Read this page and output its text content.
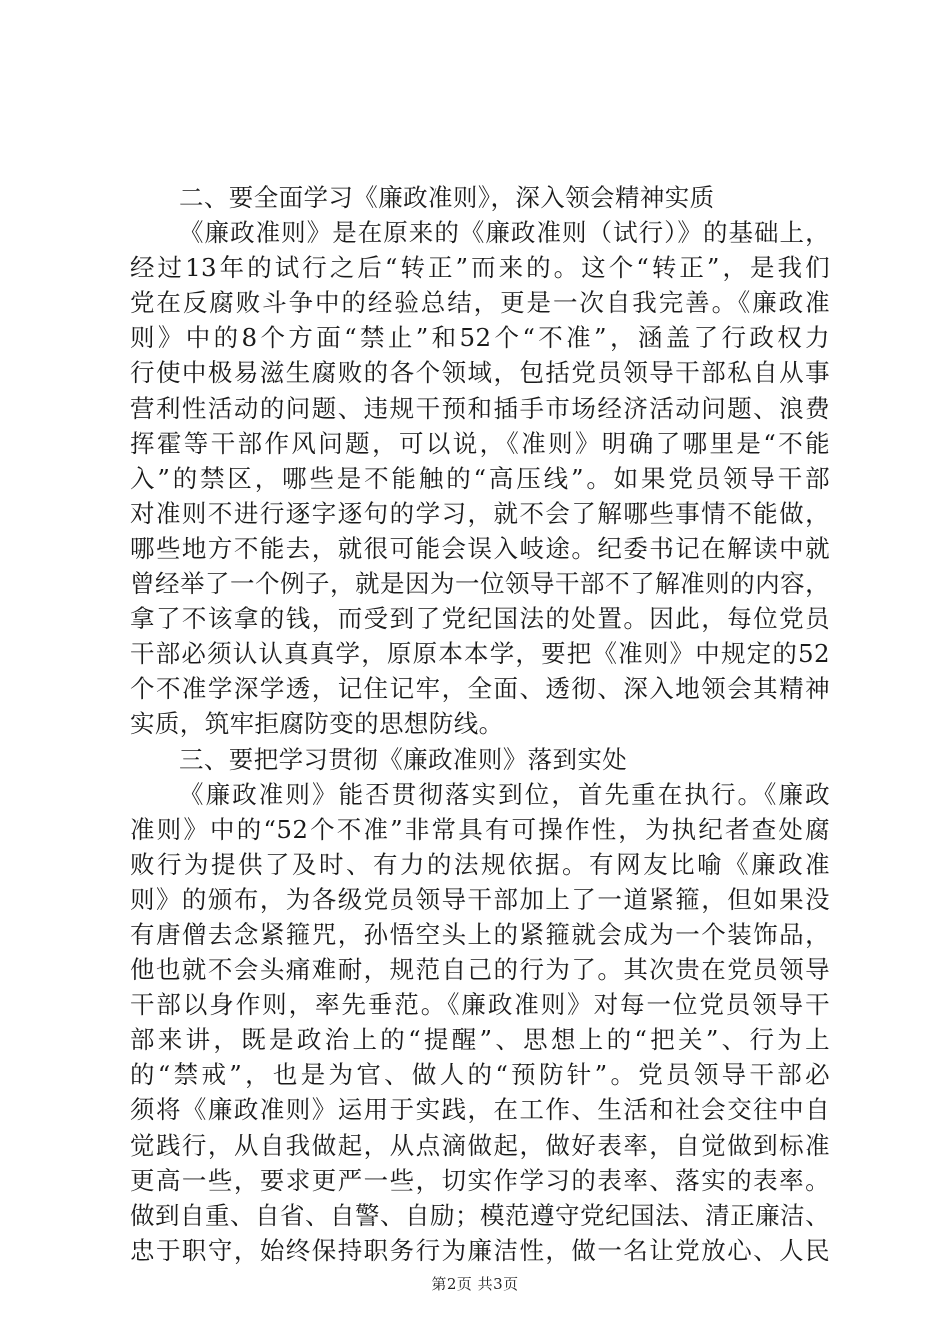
二、要全面学习《廉政准则》，深入领会精神实质
《廉政准则》是在原来的《廉政准则（试行）》的基础上，
经过13年的试行之后“转正”而来的。这个“转正”，是我们
党在反腐败斗争中的经验总结，更是一次自我完善。《廉政准
则》中的8个方面“禁止”和52个“不准”，涵盖了行政权力
行使中极易滋生腐败的各个领域，包括党员领导干部私自从事
营利性活动的问题、违规干预和插手市场经济活动问题、浪费
挥霍等干部作风问题，可以说，《准则》明确了哪里是“不能
入”的禁区，哪些是不能触的“高压线”。如果党员领导干部
对准则不进行逐字逐句的学习，就不会了解哪些事情不能做，
哪些地方不能去，就很可能会误入岐途。纪委书记在解读中就
曾经举了一个例子，就是因为一位领导干部不了解准则的内容，
拿了不该拿的钱，而受到了党纪国法的处置。因此，每位党员
干部必须认认真真学，原原本本学，要把《准则》中规定的52
个不准学深学透，记住记牢，全面、透彻、深入地领会其精神
实质，筑牢拒腐防变的思想防线。
三、要把学习贯彻《廉政准则》落到实处
《廉政准则》能否贯彻落实到位，首先重在执行。《廉政
准则》中的“52个不准”非常具有可操作性，为执纪者查处腐
败行为提供了及时、有力的法规依据。有网友比喻《廉政准
则》的颁布，为各级党员领导干部加上了一道紧箍，但如果没
有唐僧去念紧箍咒，孙悟空头上的紧箍就会成为一个装饰品，
他也就不会头痛难耐，规范自己的行为了。其次贵在党员领导
干部以身作则，率先垂范。《廉政准则》对每一位党员领导干
部来讲，既是政治上的“提醒”、思想上的“把关”、行为上
的“禁戒”，也是为官、做人的“预防针”。党员领导干部必
须将《廉政准则》运用于实践，在工作、生活和社会交往中自
觉践行，从自我做起，从点滴做起，做好表率，自觉做到标准
更高一些，要求更严一些，切实作学习的表率、落实的表率。
做到自重、自省、自警、自励；模范遵守党纪国法、清正廉洁、
忠于职守，始终保持职务行为廉洁性，做一名让党放心、人民
第2页 共3页
